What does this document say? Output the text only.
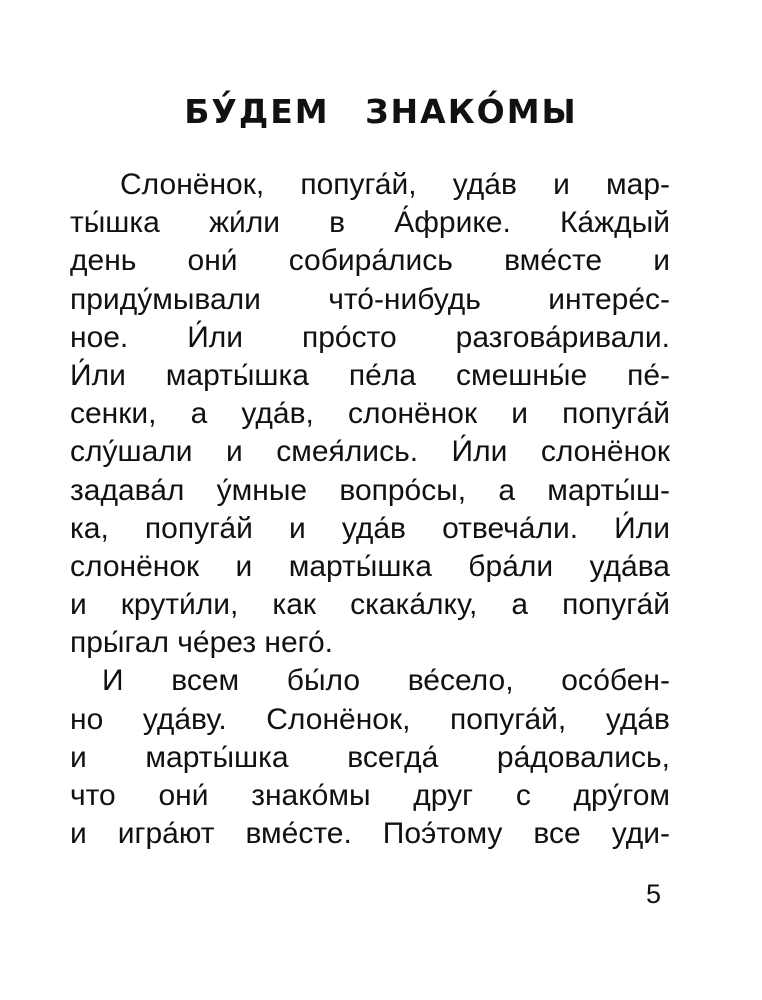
БУ́ДЕМ ЗНАКО́МЫ
Слонёнок, попуга́й, уда́в и мар-
ты́шка жи́ли в А́фрике. Ка́ждый
день они́ собира́лись вме́сте и
приду́мывали что́-нибудь интере́с-
ное. И́ли про́сто разгова́ривали.
И́ли марты́шка пе́ла смешны́е пе́-
сенки, а уда́в, слонёнок и попуга́й
слу́шали и смея́лись. И́ли слонёнок
задава́л у́мные вопро́сы, а марты́ш-
ка, попуга́й и уда́в отвеча́ли. И́ли
слонёнок и марты́шка бра́ли уда́ва
и крути́ли, как скака́лку, а попуга́й
пры́гал че́рез него́.
И всем бы́ло ве́село, осо́бен-
но уда́ву. Слонёнок, попуга́й, уда́в
и марты́шка всегда́ ра́довались,
что они́ знако́мы друг с дру́гом
и игра́ют вме́сте. Поэ́тому все уди-
5
